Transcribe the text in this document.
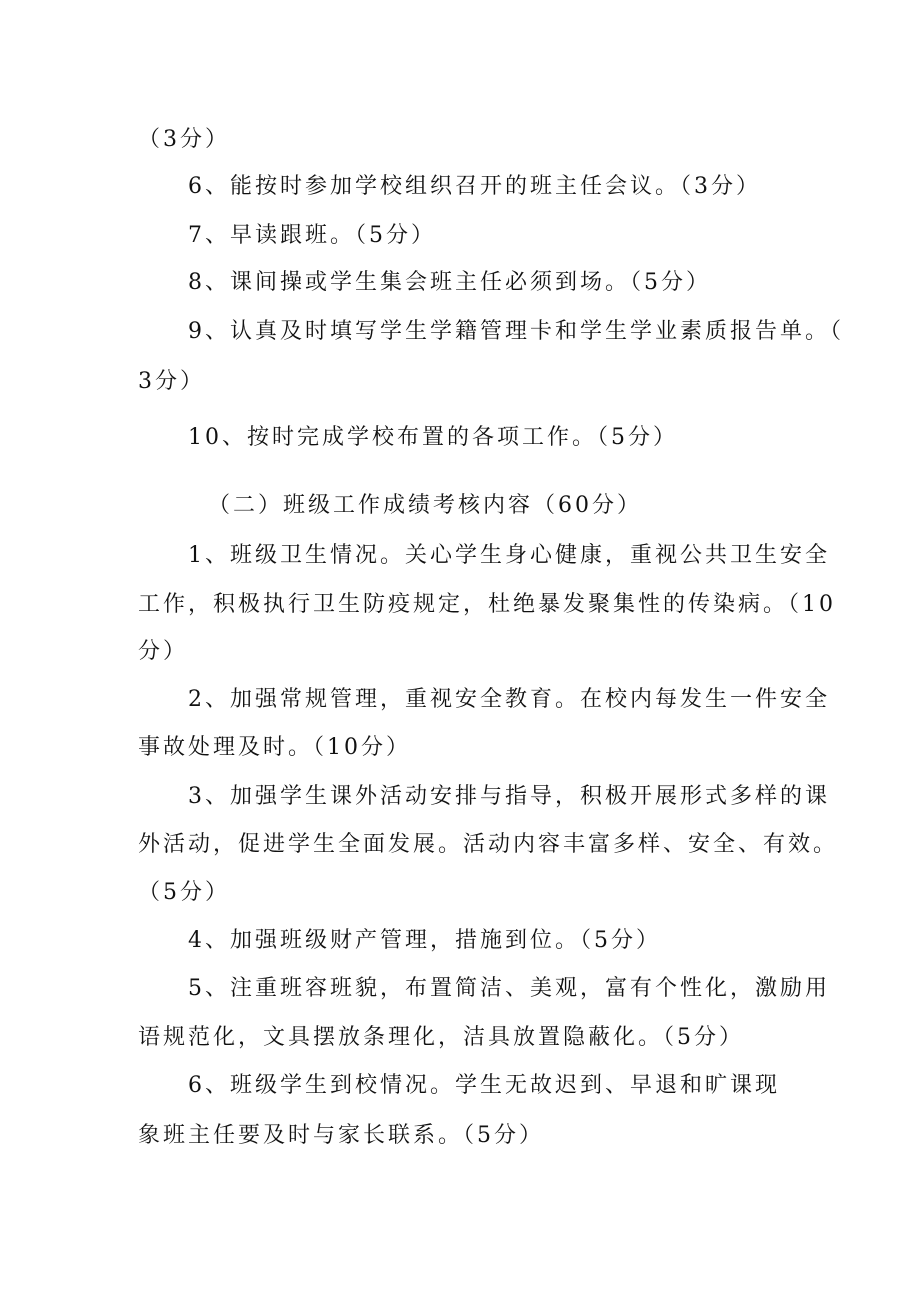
（3分）
6、能按时参加学校组织召开的班主任会议。（3分）
7、早读跟班。（5分）
8、课间操或学生集会班主任必须到场。（5分）
9、认真及时填写学生学籍管理卡和学生学业素质报告单。（
3分）
10、按时完成学校布置的各项工作。（5分）
（二）班级工作成绩考核内容（60分）
1、班级卫生情况。关心学生身心健康，重视公共卫生安全
工作，积极执行卫生防疫规定，杜绝暴发聚集性的传染病。（10
分）
2、加强常规管理，重视安全教育。在校内每发生一件安全
事故处理及时。（10分）
3、加强学生课外活动安排与指导，积极开展形式多样的课
外活动，促进学生全面发展。活动内容丰富多样、安全、有效。
（5分）
4、加强班级财产管理，措施到位。（5分）
5、注重班容班貌，布置简洁、美观，富有个性化，激励用
语规范化，文具摆放条理化，洁具放置隐蔽化。（5分）
6、班级学生到校情况。学生无故迟到、早退和旷课现
象班主任要及时与家长联系。（5分）
